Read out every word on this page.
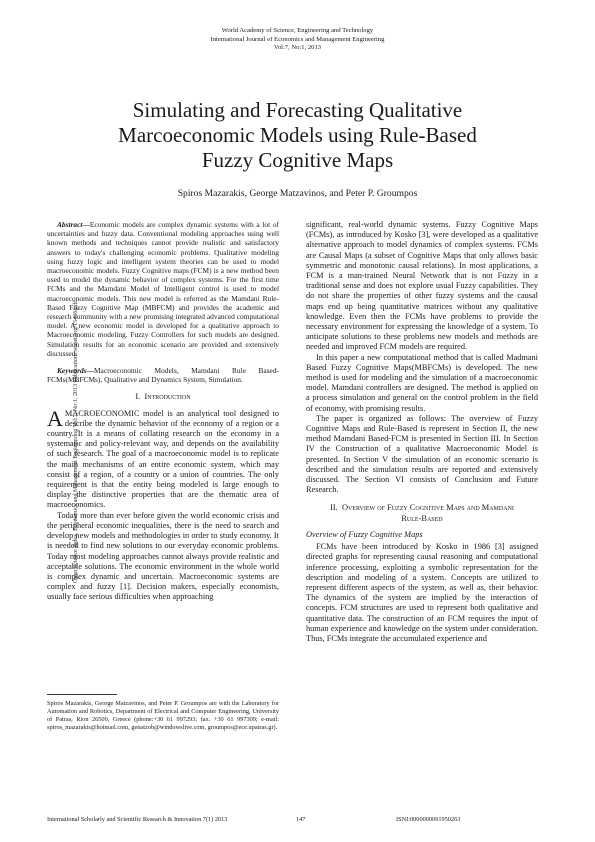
World Academy of Science, Engineering and Technology
International Journal of Economics and Management Engineering
Vol:7, No:1, 2013
Simulating and Forecasting Qualitative
Marcoeconomic Models using Rule-Based
Fuzzy Cognitive Maps
Spiros Mazarakis, George Matzavinos, and Peter P. Groumpos
Open Science Index, Economics and Management Engineering Vol:7, No:1, 2013 publications.waset.org/15466/pdf

Abstract—Economic models are complex dynamic systems with a lot of uncertainties and fuzzy data. Conventional modeling approaches using well known methods and techniques cannot provide realistic and satisfactory answers to today's challenging economic problems. Qualitative modeling using fuzzy logic and intelligent system theories can be used to model macroeconomic models. Fuzzy Cognitive maps (FCM) is a new method been used to model the dynamic behavior of complex systems. For the first time FCMs and the Mamdani Model of Intelligent control is used to model macroeconomic models. This new model is referred as the Mamdani Rule-Based Fuzzy Cognitive Map (MBFCM) and provides the academic and research community with a new promising integrated advanced computational model. A new economic model is developed for a qualitative approach to Macroeconomic modeling. Fuzzy Controllers for such models are designed. Simulation results for an economic scenario are provided and extensively discussed.

Keywords—Macroeconomic Models, Mamdani Rule Based-FCMs(MBFCMs), Qualitative and Dynamics System, Simulation.

I. Introduction

AMACROECONOMIC model is an analytical tool designed to describe the dynamic behavior of the economy of a region or a country. It is a means of collating research on the economy in a systematic and policy-relevant way, and depends on the availability of such research. The goal of a macroeconomic model is to replicate the main mechanisms of an entire economic system, which may consist of a region, of a country or a union of countries. The only requirement is that the entity being modeled is large enough to display the distinctive properties that are the thematic area of macroeconomics.

Today more than ever before given the world economic crisis and the peripheral economic inequalities, there is the need to search and develop new models and methodologies in order to study economy. It is needed to find new solutions to our everyday economic problems. Today most modeling approaches cannot always provide realistic and acceptable solutions. The economic environment in the whole world is complex dynamic and uncertain. Macroeconomic systems are complex and fuzzy [1]. Decision makers, especially economists, usually face serious difficulties when approaching

Spiros Mazarakis, George Matzavinos, and Peter P. Groumpos are with the Laboratory for Automation and Robotics, Department of Electrical and Computer Engineering, University of Patras, Rion 26500, Greece (phone:+30 61 997293; fax. +30 61 997309; e-mail: spiros_mazarakis@hotmail.com, genatzob@windowslive.com, groumpos@ece.upatras.gr).

significant, real-world dynamic systems. Fuzzy Cognitive Maps (FCMs), as introduced by Kosko [3], were developed as a qualitative alternative approach to model dynamics of complex systems. FCMs are Causal Maps (a subset of Cognitive Maps that only allows basic symmetric and monotonic causal relations). In most applications, a FCM is a man-trained Neural Network that is not Fuzzy in a traditional sense and does not explore usual Fuzzy capabilities. They do not share the properties of other fuzzy systems and the causal maps end up being quantitative matrices without any qualitative knowledge. Even then the FCMs have problems to provide the necessary environment for expressing the knowledge of a system. To anticipate solutions to these problems new models and methods are needed and improved FCM models are required.

In this paper a new computational method that is called Madmani Based Fuzzy Cognitive Maps(MBFCMs) is developed. The new method is used for modeling and the simulation of a macroeconomic model. Mamdani controllers are designed. The method is applied on a process simulation and general on the control problem in the field of economy, with promising results.

The paper is organized as follows: The overview of Fuzzy Cognitive Maps and Rule-Based is represent in Section II, the new method Mamdani Based-FCM is presented in Section III. In Section IV the Construction of a qualitative Macroeconomic Model is presented. In Section V the simulation of an economic scenario is described and the simulation results are reported and extensively discussed. The Section VI consists of Conclusion and Future Research.

II. Overview of Fuzzy Cognitive Maps and Mamdani
Rule-Based

Overview of Fuzzy Cognitive Maps

FCMs have been introduced by Kosko in 1986 [3] assigned directed graphs for representing causal reasoning and computational inference processing, exploiting a symbolic representation for the description and modeling of a system. Concepts are utilized to represent different aspects of the system, as well as, their behavior. The dynamics of the system are implied by the interaction of concepts. FCM structures are used to represent both qualitative and quantitative data. The construction of an FCM requires the input of human experience and knowledge on the system under consideration. Thus, FCMs integrate the accumulated experience and

International Scholarly and Scientific Research & Innovation 7(1) 2013	147	ISNI:0000000091950263
